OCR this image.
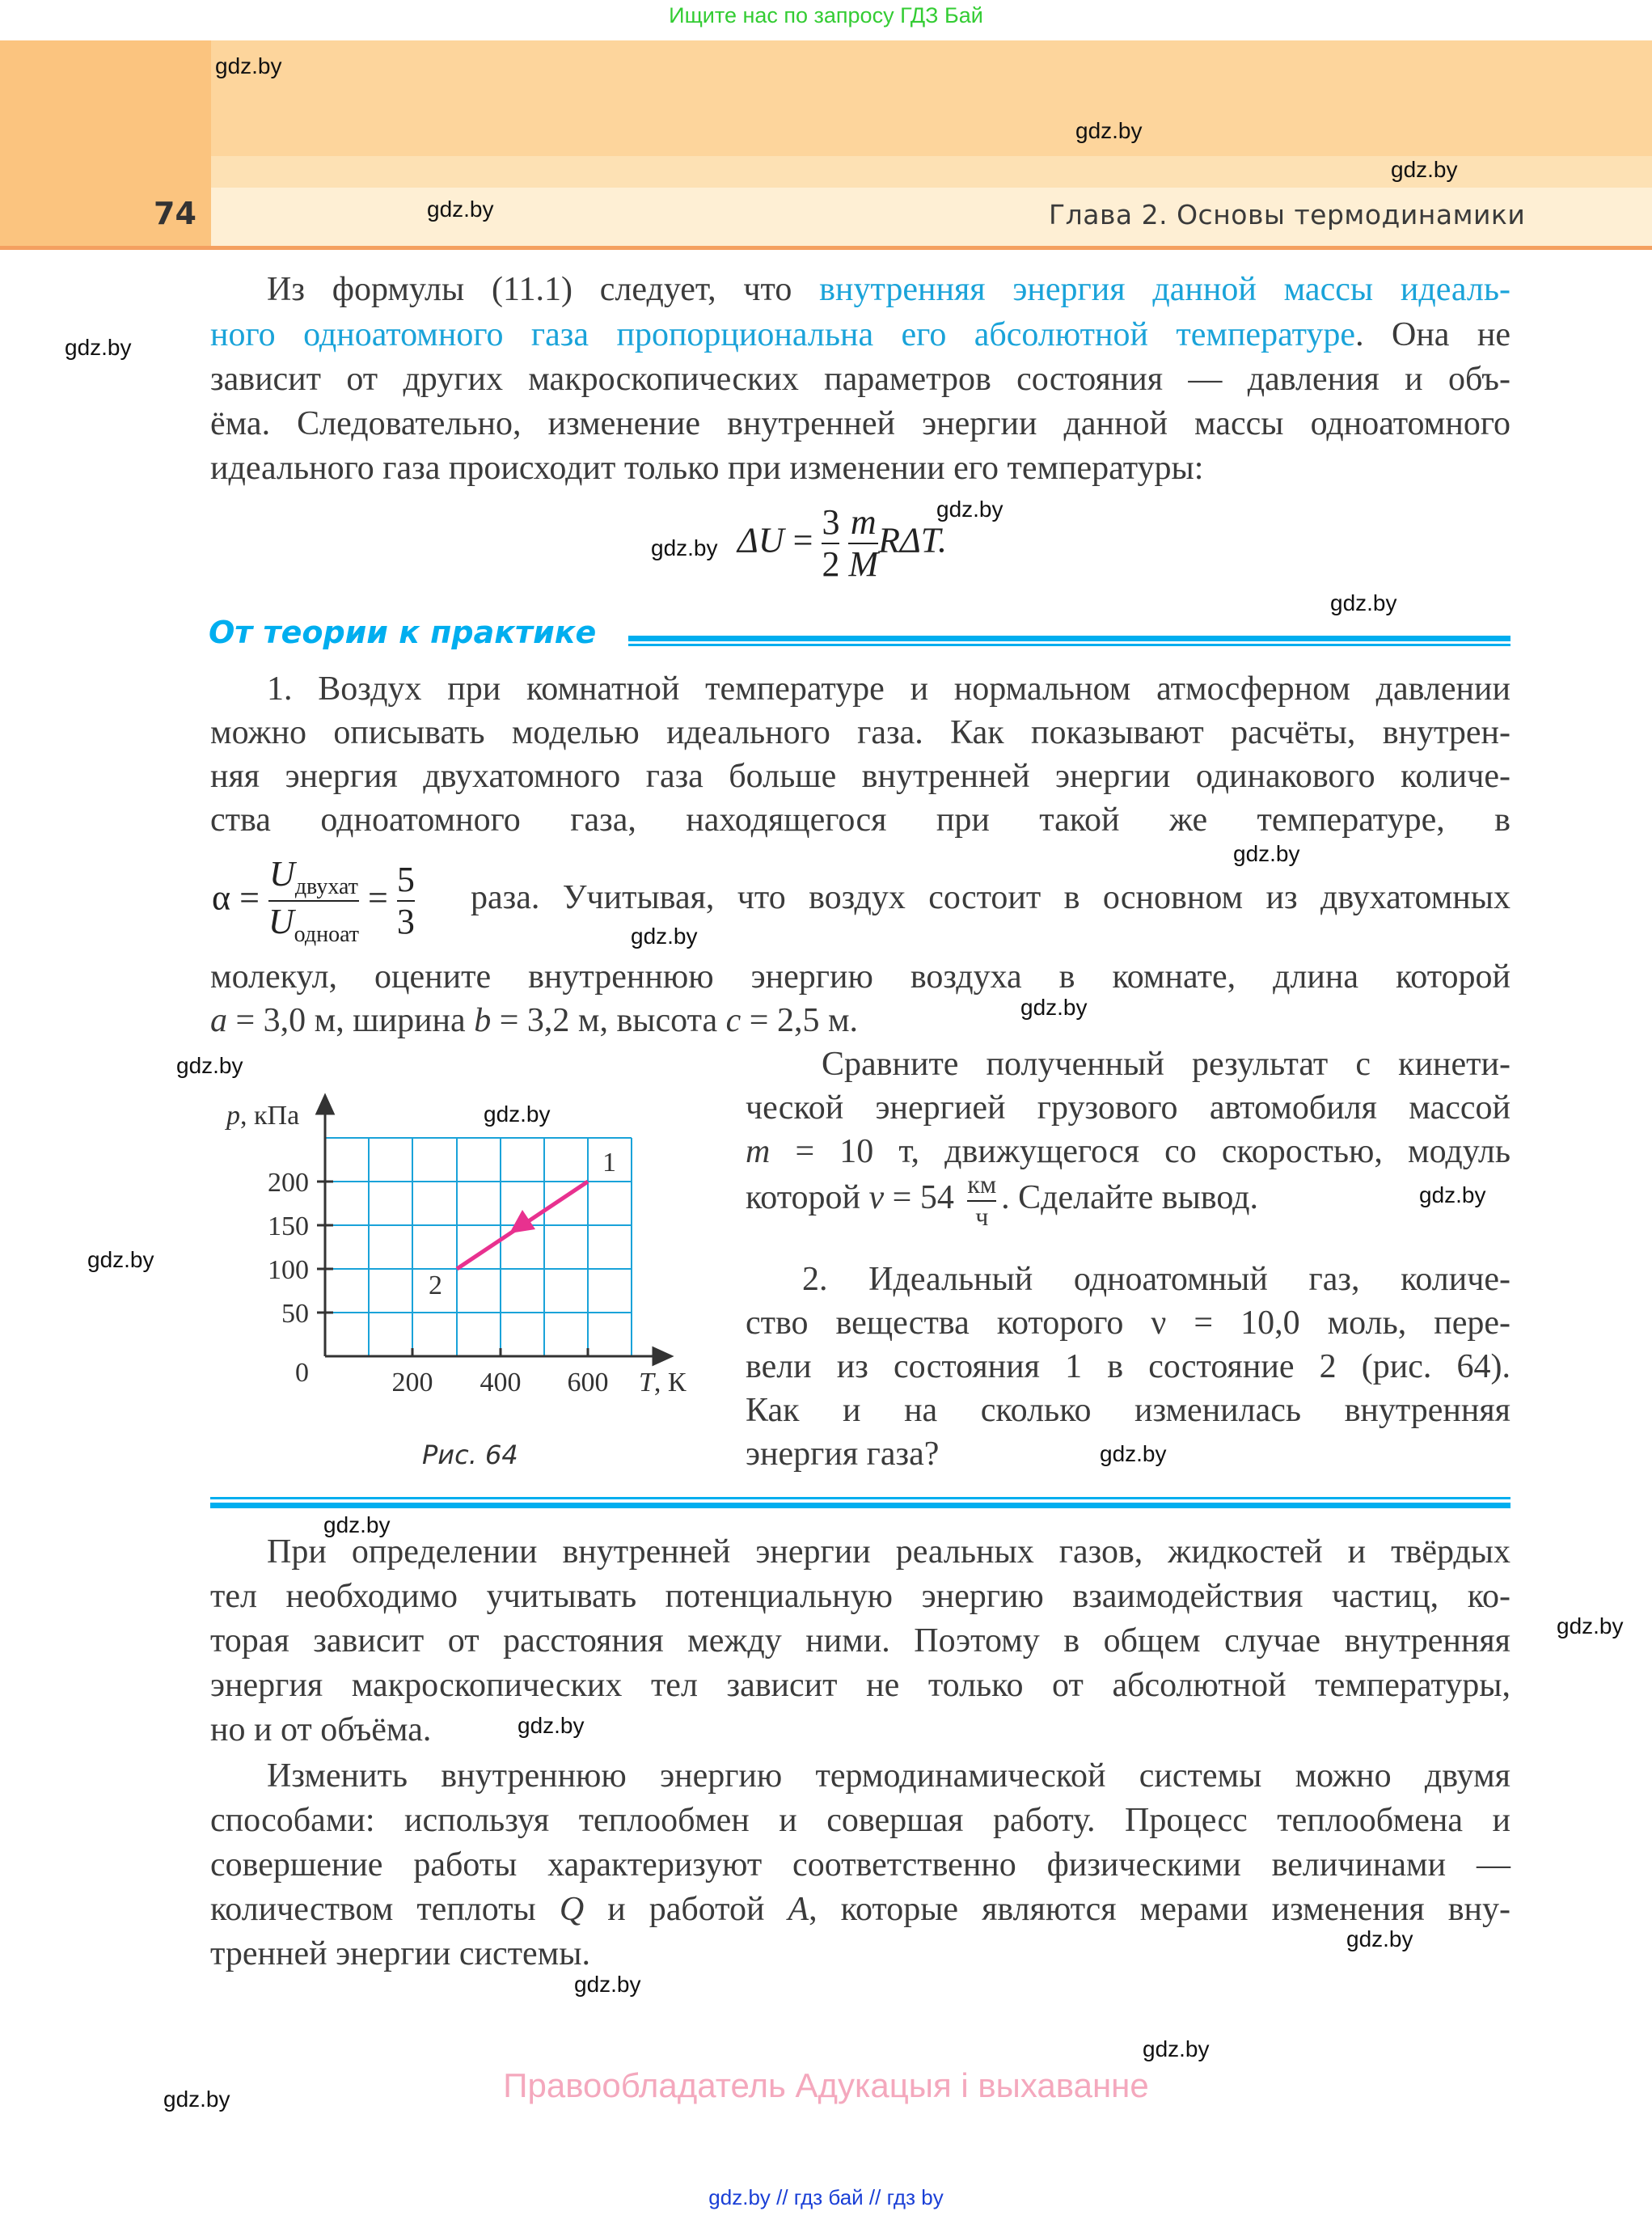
Ищите нас по запросу ГДЗ Бай
74	Глава 2. Основы термодинамики
gdz.by
gdz.by
gdz.by
gdz.by
gdz.by
gdz.by
gdz.by
gdz.by
gdz.by
gdz.by
gdz.by
gdz.by
gdz.by
gdz.by
gdz.by
gdz.by
gdz.by
gdz.by
gdz.by
gdz.by
gdz.by
gdz.by
gdz.by
Из формулы (11.1) следует, что внутренняя энергия данной массы идеаль-
ного одноатомного газа пропорциональна его абсолютной температуре. Она не
зависит от других макроскопических параметров состояния — давления и объ-
ёма. Следовательно, изменение внутренней энергии данной массы одноатомного
идеального газа происходит только при изменении его температуры:
$\Delta U = \frac{3}{2}$
$\frac{m}{M} R\Delta T$.
От теории к практике
1. Воздух при комнатной температуре и нормальном атмосферном давлении
можно описывать моделью идеального газа. Как показывают расчёты, внутрен-
няя энергия двухатомного газа больше внутренней энергии одинакового количе-
ства одноатомного газа, находящегося при такой же температуре, в
$\alpha = \frac{U_{двухат}}{U_{одноат}} = \frac{5}{3}$ раза. Учитывая, что воздух состоит в основном из двухатомных
молекул, оцените внутреннюю энергию воздуха в комнате, длина которой
a = 3,0 м, ширина b = 3,2 м, высота c = 2,5 м.
Сравните полученный результат с кинети-
ческой энергией грузового автомобиля массой
m = 10 т, движущегося со скоростью, модуль
которой $v = 54 \frac{км}{ч}$ . Сделайте вывод.
2. Идеальный одноатомный газ, количе-
ство вещества которого ν = 10,0 моль, пере-
вели из состояния 1 в состояние 2 (рис. 64).
Как и на сколько изменилась внутренняя
энергия газа?
p, кПа
200
150
100
50
0	200 400 600 T, К
1
2
Рис. 64
При определении внутренней энергии реальных газов, жидкостей и твёрдых
тел необходимо учитывать потенциальную энергию взаимодействия частиц, ко-
торая зависит от расстояния между ними. Поэтому в общем случае внутренняя
энергия макроскопических тел зависит не только от абсолютной температуры,
но и от объёма.
Изменить внутреннюю энергию термодинамической системы можно двумя
способами: используя теплообмен и совершая работу. Процесс теплообмена и
совершение работы характеризуют соответственно физическими величинами —
количеством теплоты Q и работой A, которые являются мерами изменения вну-
тренней энергии системы.
Правообладатель Адукацыя і выхаванне
gdz.by // гдз бай // гдз by
